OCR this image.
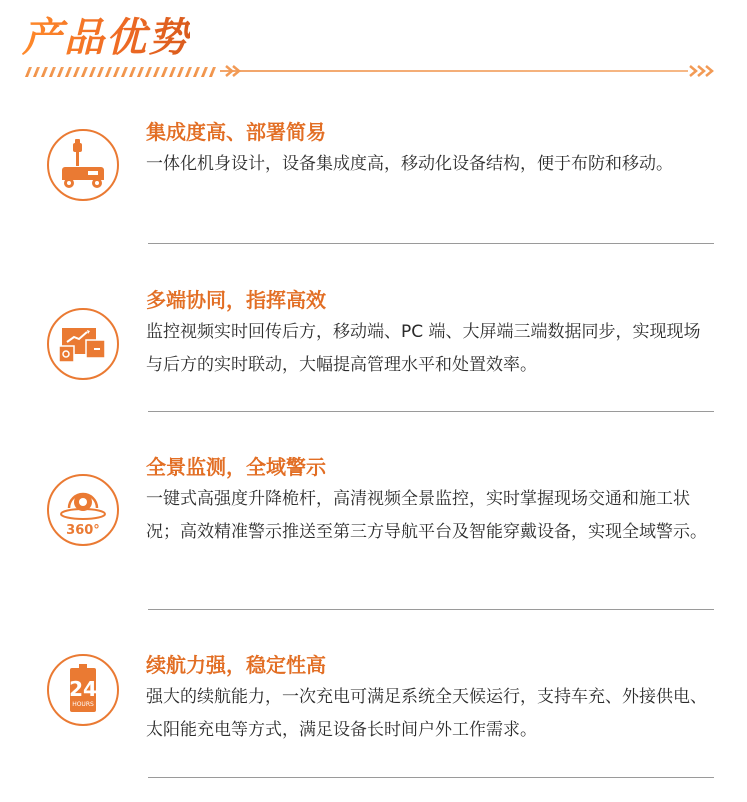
产品优势
集成度高、部署简易
一体化机身设计，设备集成度高，移动化设备结构，便于布防和移动。
多端协同，指挥高效
监控视频实时回传后方，移动端、PC 端、大屏端三端数据同步，实现现场与后方的实时联动，大幅提高管理水平和处置效率。
360°
全景监测，全域警示
一键式高强度升降桅杆，高清视频全景监控，实时掌握现场交通和施工状况；高效精准警示推送至第三方导航平台及智能穿戴设备，实现全域警示。
24
HOURS
续航力强，稳定性高
强大的续航能力，一次充电可满足系统全天候运行，支持车充、外接供电、太阳能充电等方式，满足设备长时间户外工作需求。
